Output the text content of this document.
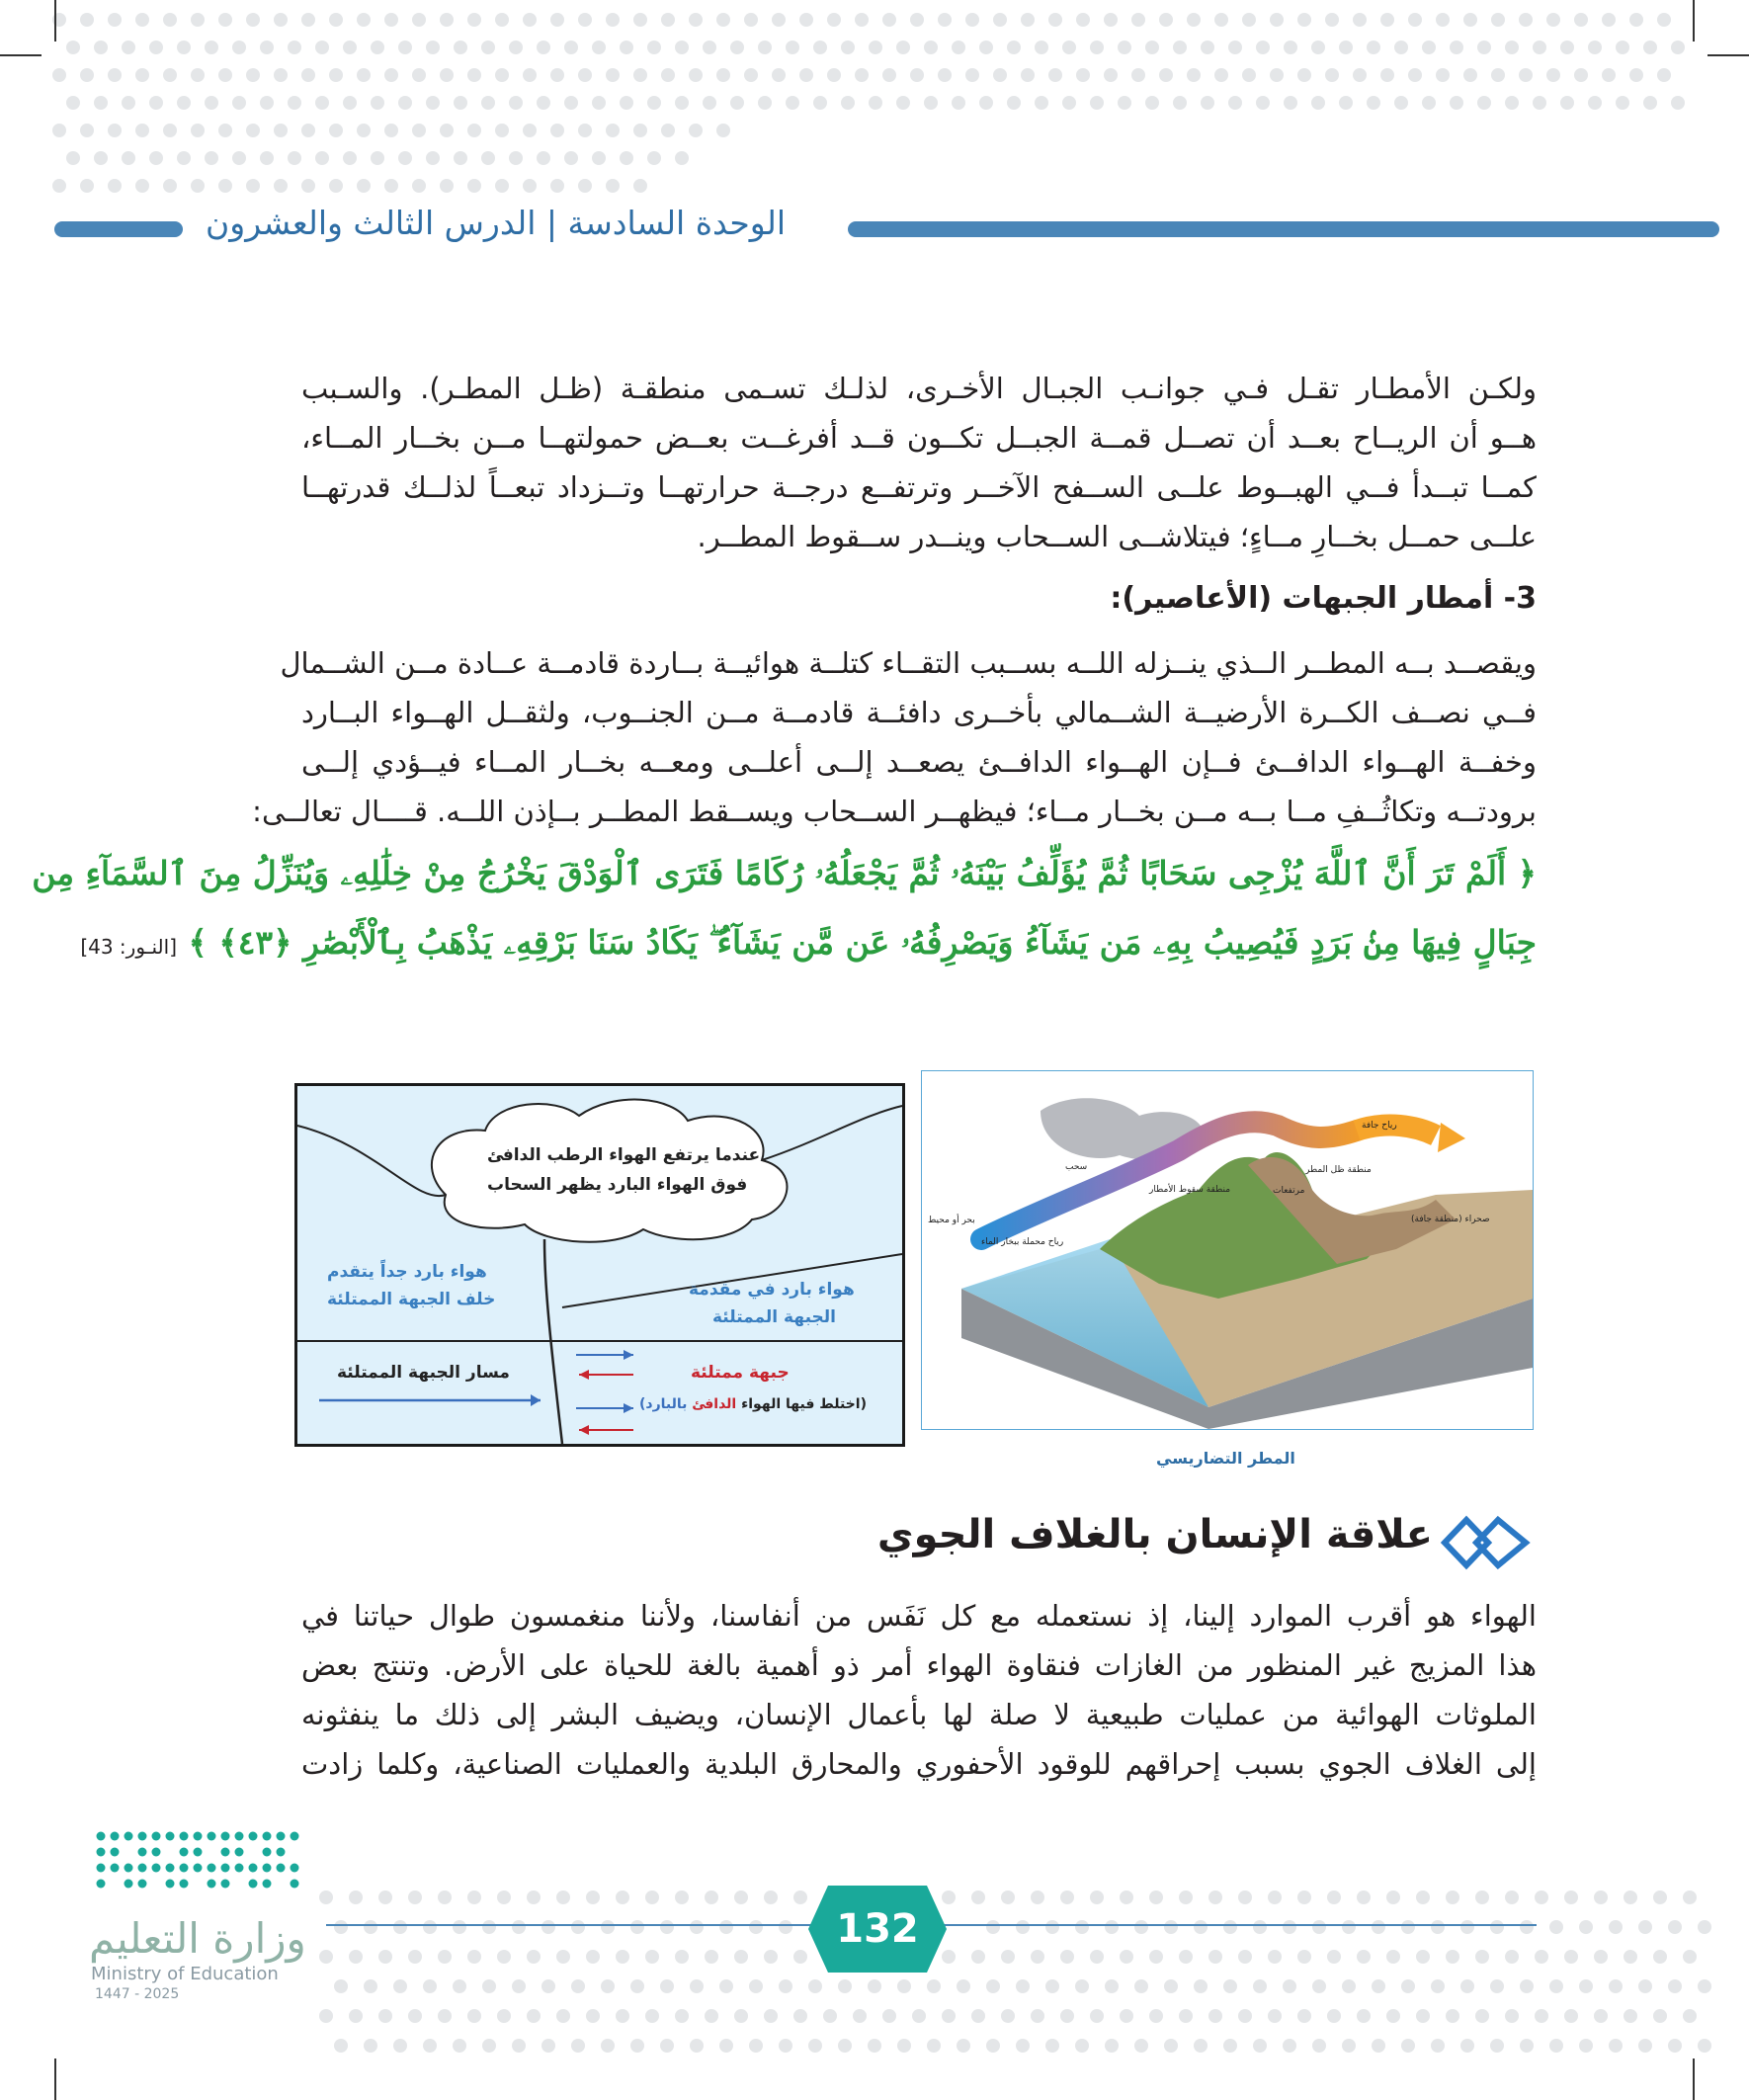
الوحدة السادسة | الدرس الثالث والعشرون
ولكـن الأمطـار تقـل فـي جوانـب الجبـال الأخـرى، لذلـك تسـمى منطقـة (ظـل المطـر). والسـبب
هــو أن الريــاح بعــد أن تصــل قمــة الجبــل تكــون قــد أفرغــت بعــض حمولتهــا مــن بخــار المــاء،
كمــا تبــدأ فــي الهبــوط علــى الســفح الآخــر وترتفــع درجــة حرارتهــا وتــزداد تبعــاً لذلــك قدرتهــا
علــى حمــل بخــارِ مــاءٍ؛ فيتلاشــى الســحاب وينــدر ســقوط المطــر.
3- أمطار الجبهات (الأعاصير):
ويقصــد بــه المطــر الــذي ينــزله اللــه بســبب التقــاء كتلــة هوائيــة بــاردة قادمــة عــادة مــن الشــمال
فــي نصــف الكــرة الأرضيــة الشــمالي بأخــرى دافئــة قادمــة مــن الجنــوب، ولثقــل الهــواء البــارد
وخفــة الهــواء الدافــئ فــإن الهــواء الدافــئ يصعــد إلــى أعلــى ومعــه بخــار المــاء فيــؤدي إلــى
برودتــه وتكاثُــفِ مــا بــه مــن بخــار مــاء؛ فيظهــر الســحاب ويســقط المطــر بــإذن اللــه. قــــال تعالــى:
﴿ أَلَمْ تَرَ أَنَّ ٱللَّهَ يُزْجِى سَحَابًا ثُمَّ يُؤَلِّفُ بَيْنَهُۥ ثُمَّ يَجْعَلُهُۥ رُكَامًا فَتَرَى ٱلْوَدْقَ يَخْرُجُ مِنْ خِلَٰلِهِۦ وَيُنَزِّلُ مِنَ ٱلسَّمَآءِ مِن
جِبَالٍ فِيهَا مِنۢ بَرَدٍ فَيُصِيبُ بِهِۦ مَن يَشَآءُ وَيَصْرِفُهُۥ عَن مَّن يَشَآءُ ۖ يَكَادُ سَنَا بَرْقِهِۦ يَذْهَبُ بِٱلْأَبْصَٰرِ ﴿٤٣﴾ ﴾ [النـور: 43]
عندما يرتفع الهواء الرطب الدافئ
فوق الهواء البارد يظهر السحاب
هواء بارد جداً يتقدم
خلف الجبهة الممتلئة	هواء بارد في مقدمة
الجبهة الممتلئة
مسار الجبهة الممتلئة	جبهة ممتلئة
(اختلط فيها الهواء الدافئ بالبارد)
سحب
رياح جافة
منطقة ظل المطر
منطقة سقوط الأمطار	مرتفعات
بحر أو محيط
رياح محملة ببخار الماء
صحراء (منطقة جافة)
المطر التضاريسي
علاقة الإنسان بالغلاف الجوي
الهواء هو أقرب الموارد إلينا، إذ نستعمله مع كل نَفَس من أنفاسنا، ولأننا منغمسون طوال حياتنا في
هذا المزيج غير المنظور من الغازات فنقاوة الهواء أمر ذو أهمية بالغة للحياة على الأرض. وتنتج بعض
الملوثات الهوائية من عمليات طبيعية لا صلة لها بأعمال الإنسان، ويضيف البشر إلى ذلك ما ينفثونه
إلى الغلاف الجوي بسبب إحراقهم للوقود الأحفوري والمحارق البلدية والعمليات الصناعية، وكلما زادت
132
وزارة التعليم
Ministry of Education
2025 - 1447
